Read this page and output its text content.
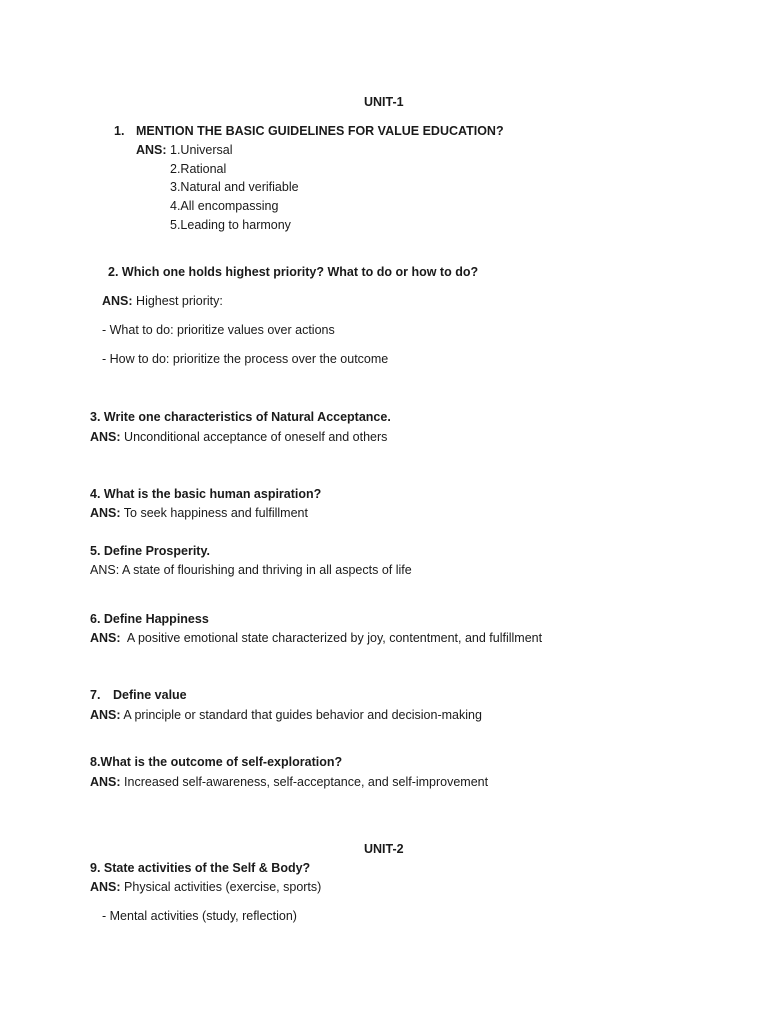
UNIT-1

1. MENTION THE BASIC GUIDELINES FOR VALUE EDUCATION?

ANS: 1.Universal

2.Rational

3.Natural and verifiable

4.All encompassing

5.Leading to harmony

2. Which one holds highest priority? What to do or how to do?

ANS: Highest priority:

- What to do: prioritize values over actions

- How to do: prioritize the process over the outcome

3. Write one characteristics of Natural Acceptance.

ANS: Unconditional acceptance of oneself and others

4. What is the basic human aspiration?

ANS: To seek happiness and fulfillment

5. Define Prosperity.

ANS: A state of flourishing and thriving in all aspects of life

6. Define Happiness

ANS:  A positive emotional state characterized by joy, contentment, and fulfillment

7. Define value

ANS: A principle or standard that guides behavior and decision-making

8.What is the outcome of self-exploration?

ANS: Increased self-awareness, self-acceptance, and self-improvement

UNIT-2

9. State activities of the Self & Body?

ANS: Physical activities (exercise, sports)

- Mental activities (study, reflection)
